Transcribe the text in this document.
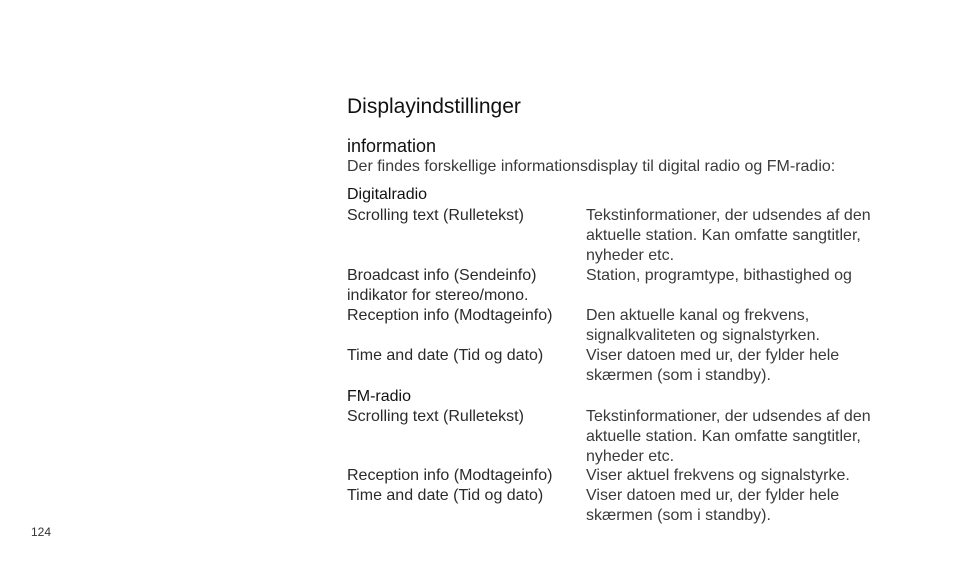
Displayindstillinger
information
Der findes forskellige informationsdisplay til digital radio og FM-radio:
Digitalradio
Scrolling text (Rulletekst)	Tekstinformationer, der udsendes af den aktuelle station. Kan omfatte sangtitler, nyheder etc.
Broadcast info (Sendeinfo)	Station, programtype, bithastighed og
indikator for stereo/mono.
Reception info (Modtageinfo) Den aktuelle kanal og frekvens, signalkvaliteten og signalstyrken.
Time and date (Tid og dato)	Viser datoen med ur, der fylder hele skærmen (som i standby).
FM-radio
Scrolling text (Rulletekst)	Tekstinformationer, der udsendes af den aktuelle station. Kan omfatte sangtitler, nyheder etc.
Reception info (Modtageinfo) Viser aktuel frekvens og signalstyrke.
Time and date (Tid og dato)	Viser datoen med ur, der fylder hele skærmen (som i standby).
124
